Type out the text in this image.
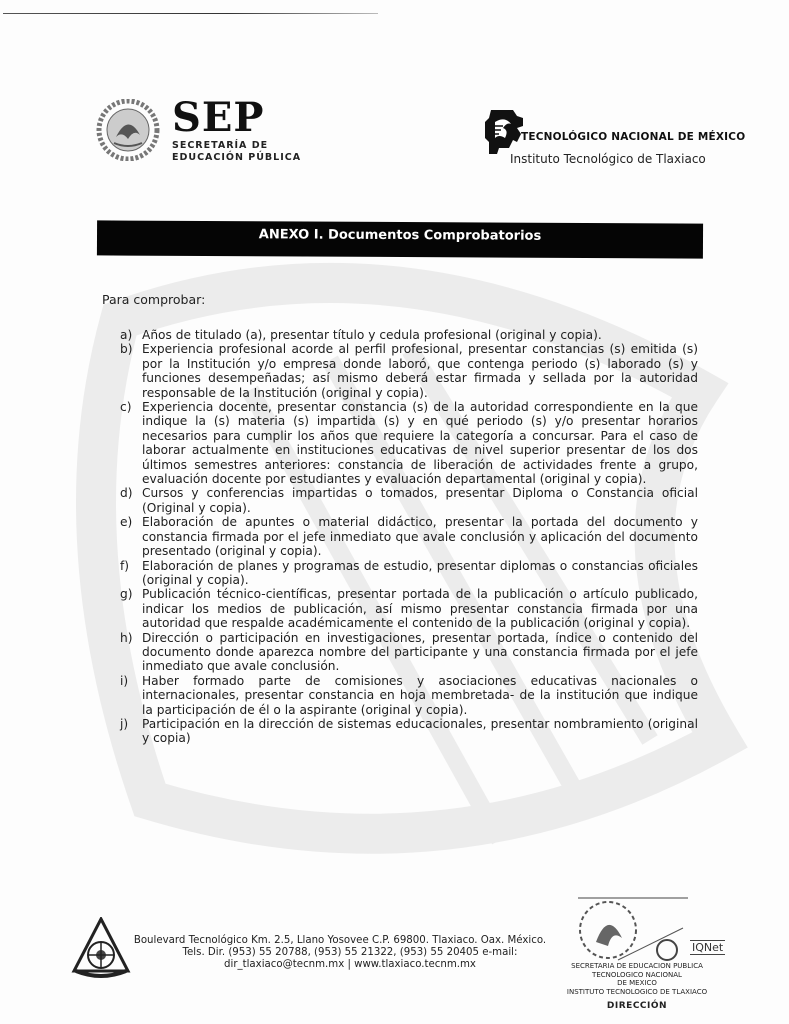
SEP
SECRETARÍA DE
EDUCACIÓN PÚBLICA
TECNOLÓGICO NACIONAL DE MÉXICO
Instituto Tecnológico de Tlaxiaco
ANEXO I. Documentos Comprobatorios
Para comprobar:
a) Años de titulado (a), presentar título y cedula profesional (original y copia).
b) Experiencia profesional acorde al perfil profesional, presentar constancias (s) emitida (s) por la Institución y/o empresa donde laboró, que contenga periodo (s) laborado (s) y funciones desempeñadas; así mismo deberá estar firmada y sellada por la autoridad responsable de la Institución (original y copia).
c) Experiencia docente, presentar constancia (s) de la autoridad correspondiente en la que indique la (s) materia (s) impartida (s) y en qué periodo (s) y/o presentar horarios necesarios para cumplir los años que requiere la categoría a concursar. Para el caso de laborar actualmente en instituciones educativas de nivel superior presentar de los dos últimos semestres anteriores: constancia de liberación de actividades frente a grupo, evaluación docente por estudiantes y evaluación departamental (original y copia).
d) Cursos y conferencias impartidas o tomados, presentar Diploma o Constancia oficial (Original y copia).
e) Elaboración de apuntes o material didáctico, presentar la portada del documento y constancia firmada por el jefe inmediato que avale conclusión y aplicación del documento presentado (original y copia).
f) Elaboración de planes y programas de estudio, presentar diplomas o constancias oficiales (original y copia).
g) Publicación técnico-científicas, presentar portada de la publicación o artículo publicado, indicar los medios de publicación, así mismo presentar constancia firmada por una autoridad que respalde académicamente el contenido de la publicación (original y copia).
h) Dirección o participación en investigaciones, presentar portada, índice o contenido del documento donde aparezca nombre del participante y una constancia firmada por el jefe inmediato que avale conclusión.
i) Haber formado parte de comisiones y asociaciones educativas nacionales o internacionales, presentar constancia en hoja membretada- de la institución que indique la participación de él o la aspirante (original y copia).
j) Participación en la dirección de sistemas educacionales, presentar nombramiento (original y copia)
Boulevard Tecnológico Km. 2.5, Llano Yosovee C.P. 69800. Tlaxiaco. Oax. México.
Tels. Dir. (953) 55 20788, (953) 55 21322, (953) 55 20405 e-mail:
dir_tlaxiaco@tecnm.mx | www.tlaxiaco.tecnm.mx	SECRETARIA DE EDUCACION PUBLICA
TECNOLOGICO NACIONAL
DE MEXICO
INSTITUTO TECNOLOGICO DE TLAXIACO
DIRECCIÓN
IQNet
